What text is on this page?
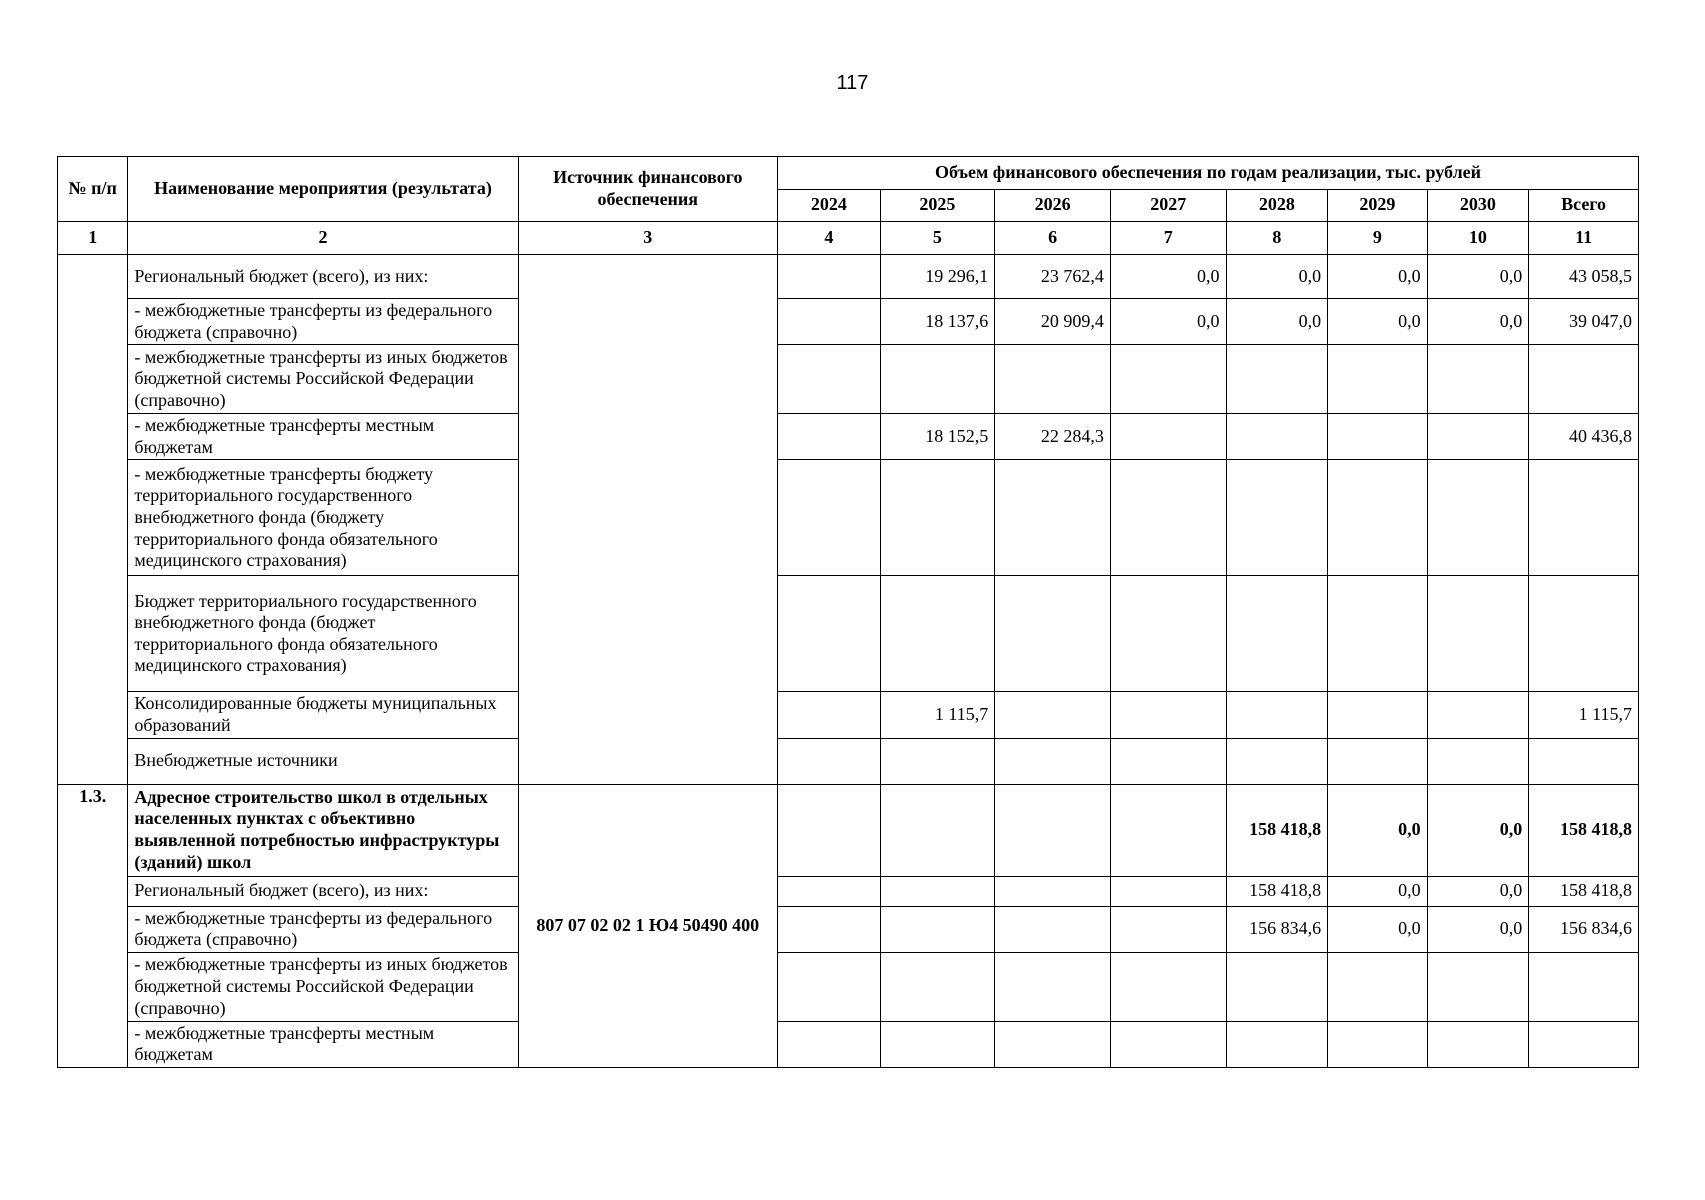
117
№ п/п	Наименование мероприятия (результата)	Источник финансового обеспечения	Объем финансового обеспечения по годам реализации, тыс. рублей							
			2024	2025	2026	2027	2028	2029	2030	Всего
1	2	3	4	5	6	7	8	9	10	11
	Региональный бюджет (всего), из них:			19 296,1	23 762,4	0,0	0,0	0,0	0,0	43 058,5
	- межбюджетные трансферты из федерального бюджета (справочно)			18 137,6	20 909,4	0,0	0,0	0,0	0,0	39 047,0
	- межбюджетные трансферты из иных бюджетов бюджетной системы Российской Федерации (справочно)									
	- межбюджетные трансферты местным бюджетам			18 152,5	22 284,3					40 436,8
	- межбюджетные трансферты бюджету территориального государственного внебюджетного фонда (бюджету территориального фонда обязательного медицинского страхования)									
	Бюджет территориального государственного внебюджетного фонда (бюджет территориального фонда обязательного медицинского страхования)									
	Консолидированные бюджеты муниципальных образований			1 115,7						1 115,7
	Внебюджетные источники									
1.3.	Адресное строительство школ в отдельных населенных пунктах с объективно выявленной потребностью инфраструктуры (зданий) школ	807 07 02 02 1 Ю4 50490 400					158 418,8	0,0	0,0	158 418,8
	Региональный бюджет (всего), из них:						158 418,8	0,0	0,0	158 418,8
	- межбюджетные трансферты из федерального бюджета (справочно)						156 834,6	0,0	0,0	156 834,6
	- межбюджетные трансферты из иных бюджетов бюджетной системы Российской Федерации (справочно)									
	- межбюджетные трансферты местным бюджетам									
